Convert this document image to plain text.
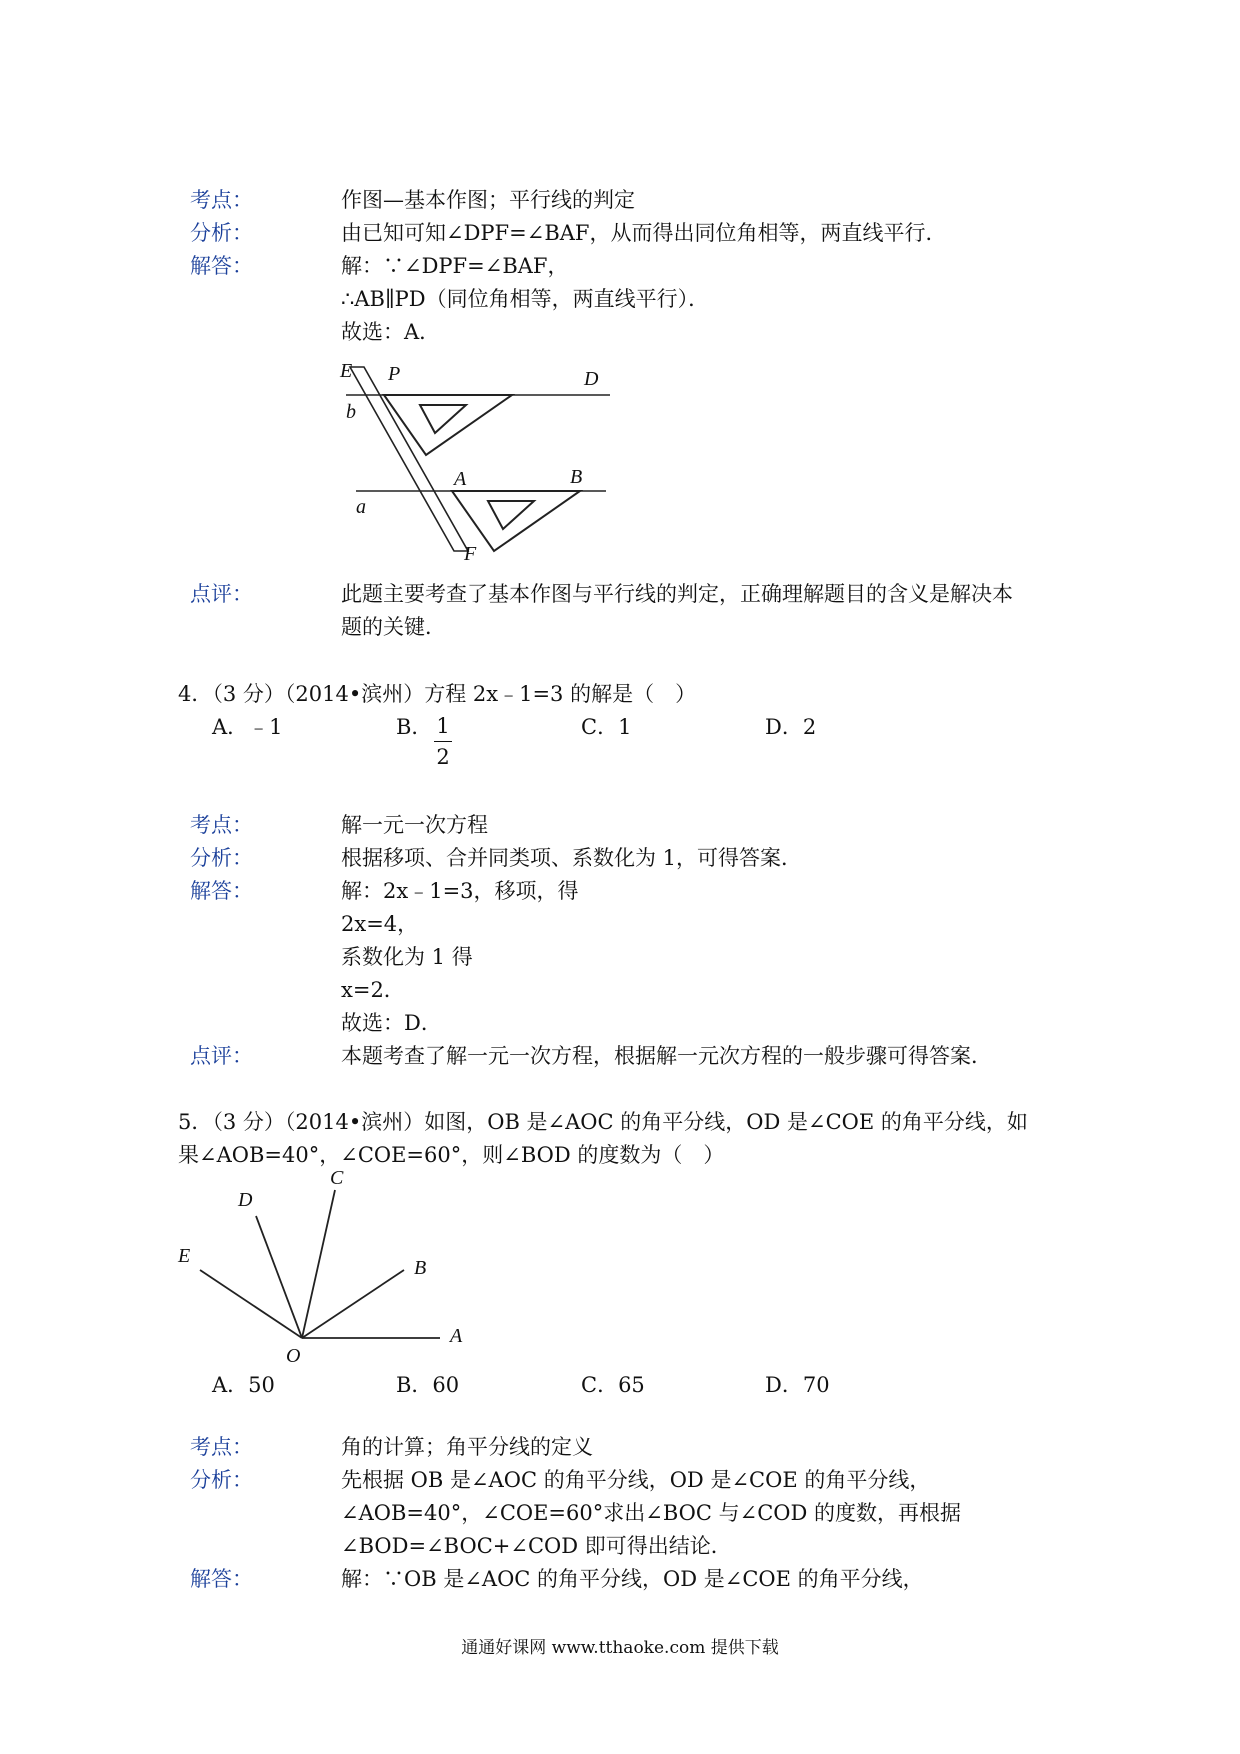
考点：	作图—基本作图；平行线的判定
分析：	由已知可知∠DPF=∠BAF，从而得出同位角相等，两直线平行．
解答：	解：∵∠DPF=∠BAF，
∴AB∥PD（同位角相等，两直线平行）．
故选：A．
E P	D
b
A	B
a
F
点评：	此题主要考查了基本作图与平行线的判定，正确理解题目的含义是解决本
题的关键．
4．（3 分）（2014•滨州）方程 2x﹣1=3 的解是（　）
A．﹣1	B． 1
2
C．1	D．2
考点：	解一元一次方程
分析：	根据移项、合并同类项、系数化为 1，可得答案．
解答：	解：2x﹣1=3，移项，得
2x=4，
系数化为 1 得
x=2．
故选：D．
点评：	本题考查了解一元一次方程，根据解一元次方程的一般步骤可得答案．
5．（3 分）（2014•滨州）如图，OB 是∠AOC 的角平分线，OD 是∠COE 的角平分线，如
果∠AOB=40°，∠COE=60°，则∠BOD 的度数为（　）
E
D
C
B
O
A
A．50	B．60	C．65	D．70
考点：	角的计算；角平分线的定义
分析：	先根据 OB 是∠AOC 的角平分线，OD 是∠COE 的角平分线，
∠AOB=40°，∠COE=60°求出∠BOC 与∠COD 的度数，再根据
∠BOD=∠BOC+∠COD 即可得出结论．
解答：	解：∵OB 是∠AOC 的角平分线，OD 是∠COE 的角平分线，
通通好课网 www.tthaoke.com 提供下载
